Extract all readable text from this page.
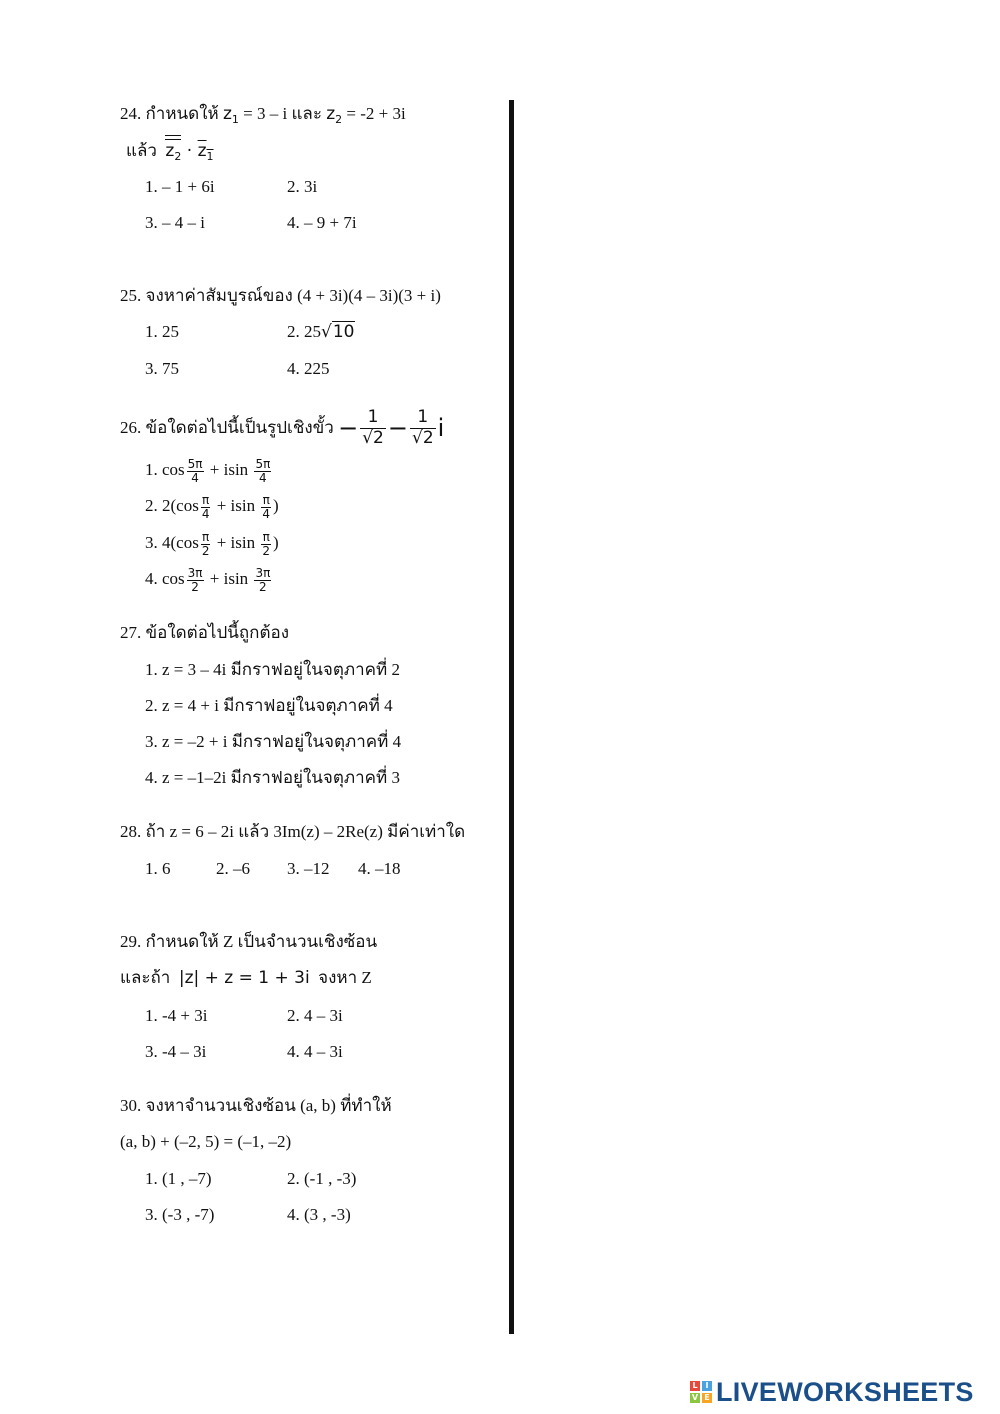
24. กำหนดให้ $z_1 = 3 - i$ และ $z_2 = -2 + 3i$
แล้ว $z_2 \cdot z_1$
1. – 1 + 6i	2. 3i
3. – 4 – i	4. – 9 + 7i
25. จงหาค่าสัมบูรณ์ของ (4 + 3i)(4 – 3i)(3 + i)
1. 25	2. 25√10
3. 75	4. 225
26. ข้อใดต่อไปนี้เป็นรูปเชิงขั้ว − $\frac{1}{√2} - \frac{1}{√2}$ i
1. $\cos \frac{5\pi}{4} + isin \frac{5\pi}{4}$
2. $2(\cos \frac{\pi}{4} + isin \frac{\pi}{4}$ )
3. $4(\cos \frac{\pi}{2} + isin \frac{\pi}{2}$ )
4. $\cos \frac{3\pi}{2} + isin \frac{3\pi}{2}$
27. ข้อใดต่อไปนี้ถูกต้อง
1. z = 3 – 4i มีกราฟอยู่ในจตุภาคที่ 2
2. z = 4 + i มีกราฟอยู่ในจตุภาคที่ 4
3. z = –2 + i มีกราฟอยู่ในจตุภาคที่ 4
4. z = –1–2i มีกราฟอยู่ในจตุภาคที่ 3
28. ถ้า z = 6 – 2i แล้ว 3Im(z) – 2Re(z) มีค่าเท่าใด
1. 6	2. –6 3. –12 4. –18
29. กำหนดให้ Z เป็นจำนวนเชิงซ้อน
และถ้า |z| + z = 1 + 3i จงหา Z
1. -4 + 3i	2. 4 – 3i
3. -4 – 3i	4. 4 – 3i
30. จงหาจำนวนเชิงซ้อน (a, b) ที่ทำให้
(a, b) + (–2, 5) = (–1, –2)
1. (1 , –7)	2. (-1 , -3)
3. (-3 , -7)	4. (3 , -3)
L I
V E LIVEWORKSHEETS
